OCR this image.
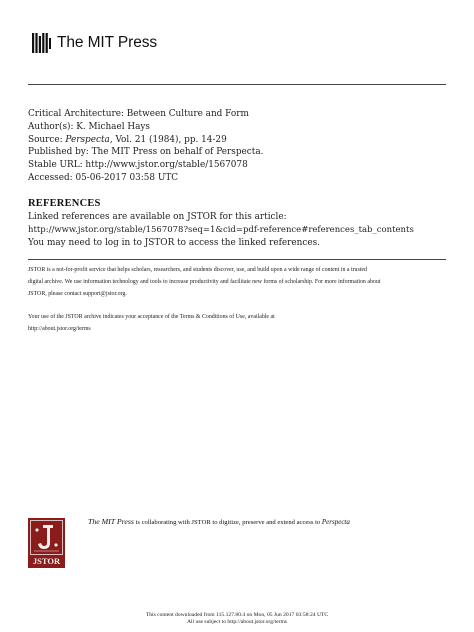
The MIT Press
Critical Architecture: Between Culture and Form
Author(s): K. Michael Hays
Source: Perspecta, Vol. 21 (1984), pp. 14-29
Published by: The MIT Press on behalf of Perspecta.
Stable URL: http://www.jstor.org/stable/1567078
Accessed: 05-06-2017 03:58 UTC
REFERENCES
Linked references are available on JSTOR for this article:
http://www.jstor.org/stable/1567078?seq=1&cid=pdf-reference#references_tab_contents
You may need to log in to JSTOR to access the linked references.

JSTOR is a not-for-profit service that helps scholars, researchers, and students discover, use, and build upon a wide range of content in a trusted

digital archive. We use information technology and tools to increase productivity and facilitate new forms of scholarship. For more information about

JSTOR, please contact support@jstor.org.

Your use of the JSTOR archive indicates your acceptance of the Terms & Conditions of Use, available at

http://about.jstor.org/terms

JSTOR
The MIT Press is collaborating with JSTOR to digitize, preserve and extend access to Perspecta
This content downloaded from 115.127.80.4 on Mon, 05 Jun 2017 03:58:24 UTC
All use subject to http://about.jstor.org/terms
